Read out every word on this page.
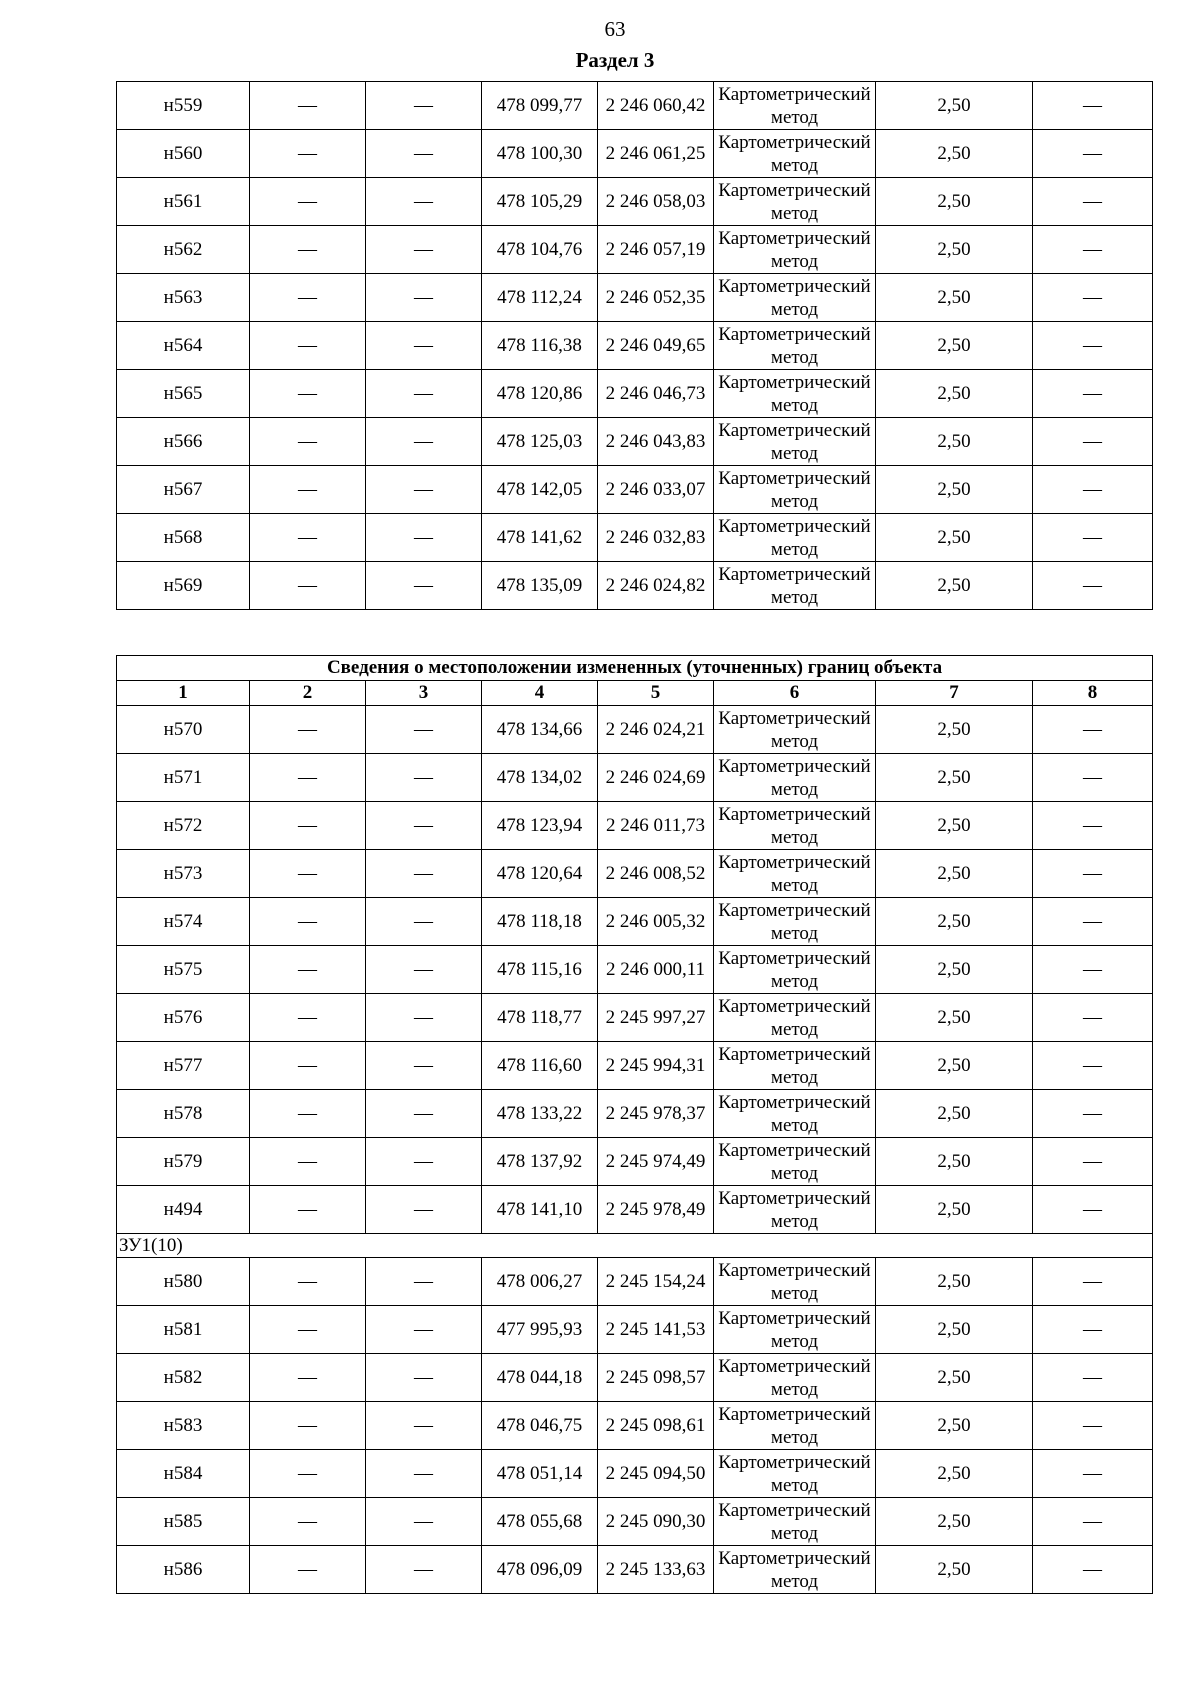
63
Раздел 3
н559	—	—	478 099,77	2 246 060,42	Картометрический метод	2,50	—
н560	—	—	478 100,30	2 246 061,25	Картометрический метод	2,50	—
н561	—	—	478 105,29	2 246 058,03	Картометрический метод	2,50	—
н562	—	—	478 104,76	2 246 057,19	Картометрический метод	2,50	—
н563	—	—	478 112,24	2 246 052,35	Картометрический метод	2,50	—
н564	—	—	478 116,38	2 246 049,65	Картометрический метод	2,50	—
н565	—	—	478 120,86	2 246 046,73	Картометрический метод	2,50	—
н566	—	—	478 125,03	2 246 043,83	Картометрический метод	2,50	—
н567	—	—	478 142,05	2 246 033,07	Картометрический метод	2,50	—
н568	—	—	478 141,62	2 246 032,83	Картометрический метод	2,50	—
н569	—	—	478 135,09	2 246 024,82	Картометрический метод	2,50	—
Сведения о местоположении измененных (уточненных) границ объекта							
1	2	3	4	5	6	7	8
н570	—	—	478 134,66	2 246 024,21	Картометрический метод	2,50	—
н571	—	—	478 134,02	2 246 024,69	Картометрический метод	2,50	—
н572	—	—	478 123,94	2 246 011,73	Картометрический метод	2,50	—
н573	—	—	478 120,64	2 246 008,52	Картометрический метод	2,50	—
н574	—	—	478 118,18	2 246 005,32	Картометрический метод	2,50	—
н575	—	—	478 115,16	2 246 000,11	Картометрический метод	2,50	—
н576	—	—	478 118,77	2 245 997,27	Картометрический метод	2,50	—
н577	—	—	478 116,60	2 245 994,31	Картометрический метод	2,50	—
н578	—	—	478 133,22	2 245 978,37	Картометрический метод	2,50	—
н579	—	—	478 137,92	2 245 974,49	Картометрический метод	2,50	—
н494	—	—	478 141,10	2 245 978,49	Картометрический метод	2,50	—
ЗУ1(10)							
н580	—	—	478 006,27	2 245 154,24	Картометрический метод	2,50	—
н581	—	—	477 995,93	2 245 141,53	Картометрический метод	2,50	—
н582	—	—	478 044,18	2 245 098,57	Картометрический метод	2,50	—
н583	—	—	478 046,75	2 245 098,61	Картометрический метод	2,50	—
н584	—	—	478 051,14	2 245 094,50	Картометрический метод	2,50	—
н585	—	—	478 055,68	2 245 090,30	Картометрический метод	2,50	—
н586	—	—	478 096,09	2 245 133,63	Картометрический метод	2,50	—
